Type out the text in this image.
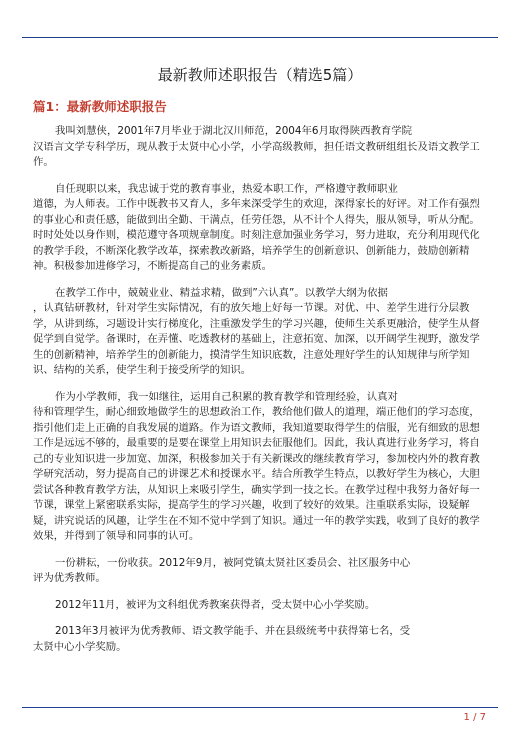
最新教师述职报告（精选5篇）
篇1：最新教师述职报告

我叫刘慧侠，2001年7月毕业于湖北汉川师范，2004年6月取得陕西教育学院
汉语言文学专科学历，现从教于太贤中心小学，小学高级教师，担任语文教研组组长及语文教学工作。

自任现职以来，我忠诚于党的教育事业，热爱本职工作，严格遵守教师职业
道德，为人师表。工作中既教书又育人，多年来深受学生的欢迎，深得家长的好评。对工作有强烈的事业心和责任感，能做到出全勤、干满点，任劳任怨，从不计个人得失，服从领导，听从分配。时时处处以身作则，模范遵守各项规章制度。时刻注意加强业务学习，努力进取，充分利用现代化的教学手段，不断深化教学改革，探索教改新路，培养学生的创新意识、创新能力，鼓励创新精神。积极参加进修学习，不断提高自己的业务素质。

在教学工作中，兢兢业业、精益求精，做到”六认真”。以教学大纲为依据
，认真钻研教材，针对学生实际情况，有的放矢地上好每一节课。对优、中、差学生进行分层教学，从讲到练，习题设计实行梯度化，注重激发学生的学习兴趣，使师生关系更融洽，使学生从督促学到自觉学。备课时，在弄懂、吃透教材的基础上，注意拓宽、加深，以开阔学生视野，激发学生的创新精神，培养学生的创新能力，摸清学生知识底数，注意处理好学生的认知规律与所学知识、结构的关系，使学生利于接受所学的知识。

作为小学教师，我一如继往，运用自己积累的教育教学和管理经验，认真对
待和管理学生，耐心细致地做学生的思想政治工作，教给他们做人的道理，端正他们的学习态度，指引他们走上正确的自我发展的道路。作为语文教师，我知道要取得学生的信服，光有细致的思想工作是远远不够的，最重要的是要在课堂上用知识去征服他们。因此，我认真进行业务学习，将自己的专业知识进一步加宽、加深，积极参加关于有关新课改的继续教育学习，参加校内外的教育教学研究活动，努力提高自己的讲课艺术和授课水平。结合所教学生特点，以教好学生为核心，大胆尝试各种教育教学方法，从知识上来吸引学生，确实学到一技之长。在教学过程中我努力备好每一节课，课堂上紧密联系实际，提高学生的学习兴趣，收到了较好的效果。注重联系实际，设疑解疑，讲究说话的风趣，让学生在不知不觉中学到了知识。通过一年的教学实践，收到了良好的教学效果，并得到了领导和同事的认可。

一份耕耘，一份收获。2012年9月，被阿党镇太贤社区委员会、社区服务中心
评为优秀教师。

2012年11月，被评为文科组优秀教案获得者，受太贤中心小学奖励。

2013年3月被评为优秀教师、语文教学能手、并在县级统考中获得第七名，受
太贤中心小学奖励。

1 / 7
